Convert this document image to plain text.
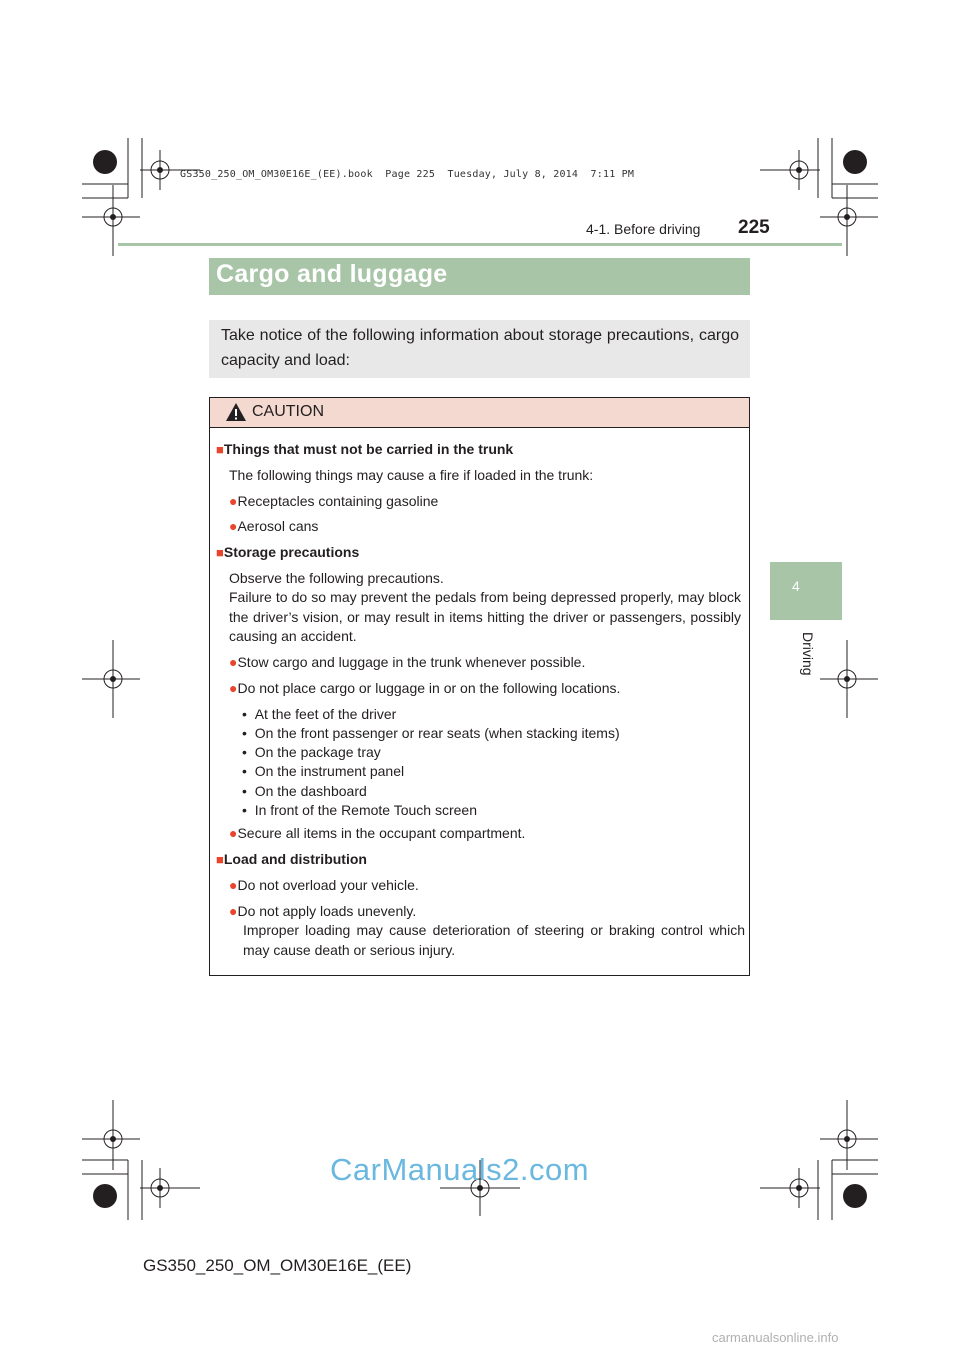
GS350_250_OM_OM30E16E_(EE).book  Page 225  Tuesday, July 8, 2014  7:11 PM
4-1. Before driving 225
4
Driving
Cargo and luggage
Take notice of the following information about storage precautions, cargo capacity and load:
CAUTION
■Things that must not be carried in the trunk
The following things may cause a fire if loaded in the trunk:
●Receptacles containing gasoline
●Aerosol cans
■Storage precautions
Observe the following precautions.
Failure to do so may prevent the pedals from being depressed properly, may block the driver’s vision, or may result in items hitting the driver or passengers, possibly causing an accident.
●Stow cargo and luggage in the trunk whenever possible.
●Do not place cargo or luggage in or on the following locations.
•  At the feet of the driver
•  On the front passenger or rear seats (when stacking items)
•  On the package tray
•  On the instrument panel
•  On the dashboard
•  In front of the Remote Touch screen
●Secure all items in the occupant compartment.
■Load and distribution
●Do not overload your vehicle.
●Do not apply loads unevenly.
Improper loading may cause deterioration of steering or braking control which may cause death or serious injury.
CarManuals2.com
GS350_250_OM_OM30E16E_(EE)
carmanualsonline.info
